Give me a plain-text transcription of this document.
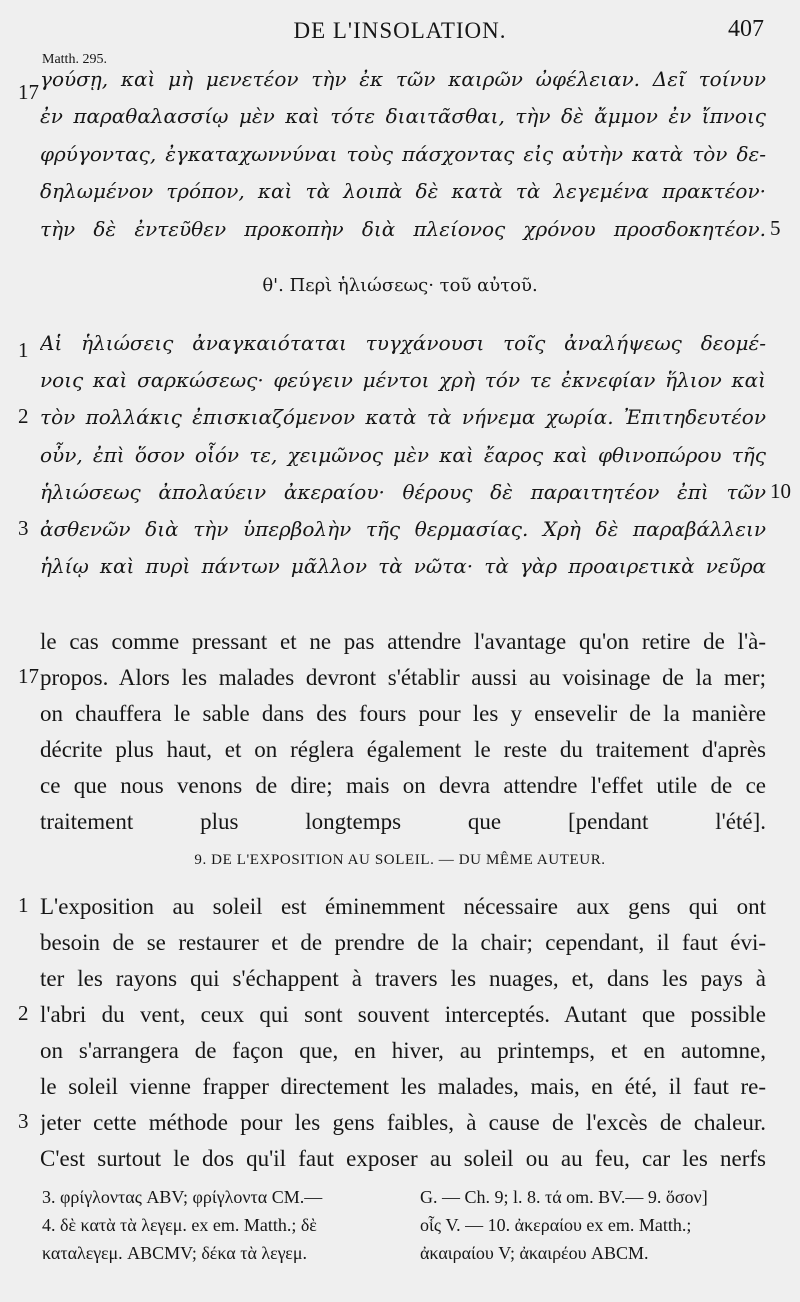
DE L'INSOLATION.	407
Matth. 295.
γούσῃ, καὶ μὴ μενετέον τὴν ἐκ τῶν καιρῶν ὠφέλειαν. Δεῖ τοίνυν
ἐν παραθαλασσίῳ μὲν καὶ τότε διαιτᾶσθαι, τὴν δὲ ἄμμον ἐν ἴπνοις
φρύγοντας, ἐγκαταχωννύναι τοὺς πάσχοντας εἰς αὐτὴν κατὰ τὸν δε-
δηλωμένον τρόπον, καὶ τὰ λοιπὰ δὲ κατὰ τὰ λεγεμένα πρακτέον·
τὴν δὲ ἐντεῦθεν προκοπὴν διὰ πλείονος χρόνου προσδοκητέον.
θ'. Περὶ ἡλιώσεως· τοῦ αὐτοῦ.
Αἱ ἡλιώσεις ἀναγκαιόταται τυγχάνουσι τοῖς ἀναλήψεως δεομέ-
νοις καὶ σαρκώσεως· φεύγειν μέντοι χρὴ τόν τε ἐκνεφίαν ἥλιον καὶ
τὸν πολλάκις ἐπισκιαζόμενον κατὰ τὰ νήνεμα χωρία. Ἐπιτηδευτέον
οὖν, ἐπὶ ὅσον οἷόν τε, χειμῶνος μὲν καὶ ἔαρος καὶ φθινοπώρου τῆς
ἡλιώσεως ἀπολαύειν ἀκεραίου· θέρους δὲ παραιτητέον ἐπὶ τῶν
ἀσθενῶν διὰ τὴν ὑπερβολὴν τῆς θερμασίας. Χρὴ δὲ παραβάλλειν
ἡλίῳ καὶ πυρὶ πάντων μᾶλλον τὰ νῶτα· τὰ γὰρ προαιρετικὰ νεῦρα
le cas comme pressant et ne pas attendre l'avantage qu'on retire de l'à-
propos. Alors les malades devront s'établir aussi au voisinage de la mer;
on chauffera le sable dans des fours pour les y ensevelir de la manière
décrite plus haut, et on réglera également le reste du traitement d'après
ce que nous venons de dire; mais on devra attendre l'effet utile de ce
traitement plus longtemps que [pendant l'été].
9. DE L'EXPOSITION AU SOLEIL. — DU MÊME AUTEUR.
L'exposition au soleil est éminemment nécessaire aux gens qui ont
besoin de se restaurer et de prendre de la chair; cependant, il faut évi-
ter les rayons qui s'échappent à travers les nuages, et, dans les pays à
l'abri du vent, ceux qui sont souvent interceptés. Autant que possible
on s'arrangera de façon que, en hiver, au printemps, et en automne,
le soleil vienne frapper directement les malades, mais, en été, il faut re-
jeter cette méthode pour les gens faibles, à cause de l'excès de chaleur.
C'est surtout le dos qu'il faut exposer au soleil ou au feu, car les nerfs
17
5
1
2
10
3
17
1
2
3
3. φρίγλοντας ABV; φρίγλοντα CM.—
4. δὲ κατὰ τὰ λεγεμ. ex em. Matth.; δὲ
καταλεγεμ. ABCMV; δέκα τὰ λεγεμ.
G. — Ch. 9; l. 8. τά om. BV.— 9. ὅσον]
οἷς V. — 10. ἀκεραίου ex em. Matth.;
ἀκαιραίου V; ἀκαιρέου ABCM.
